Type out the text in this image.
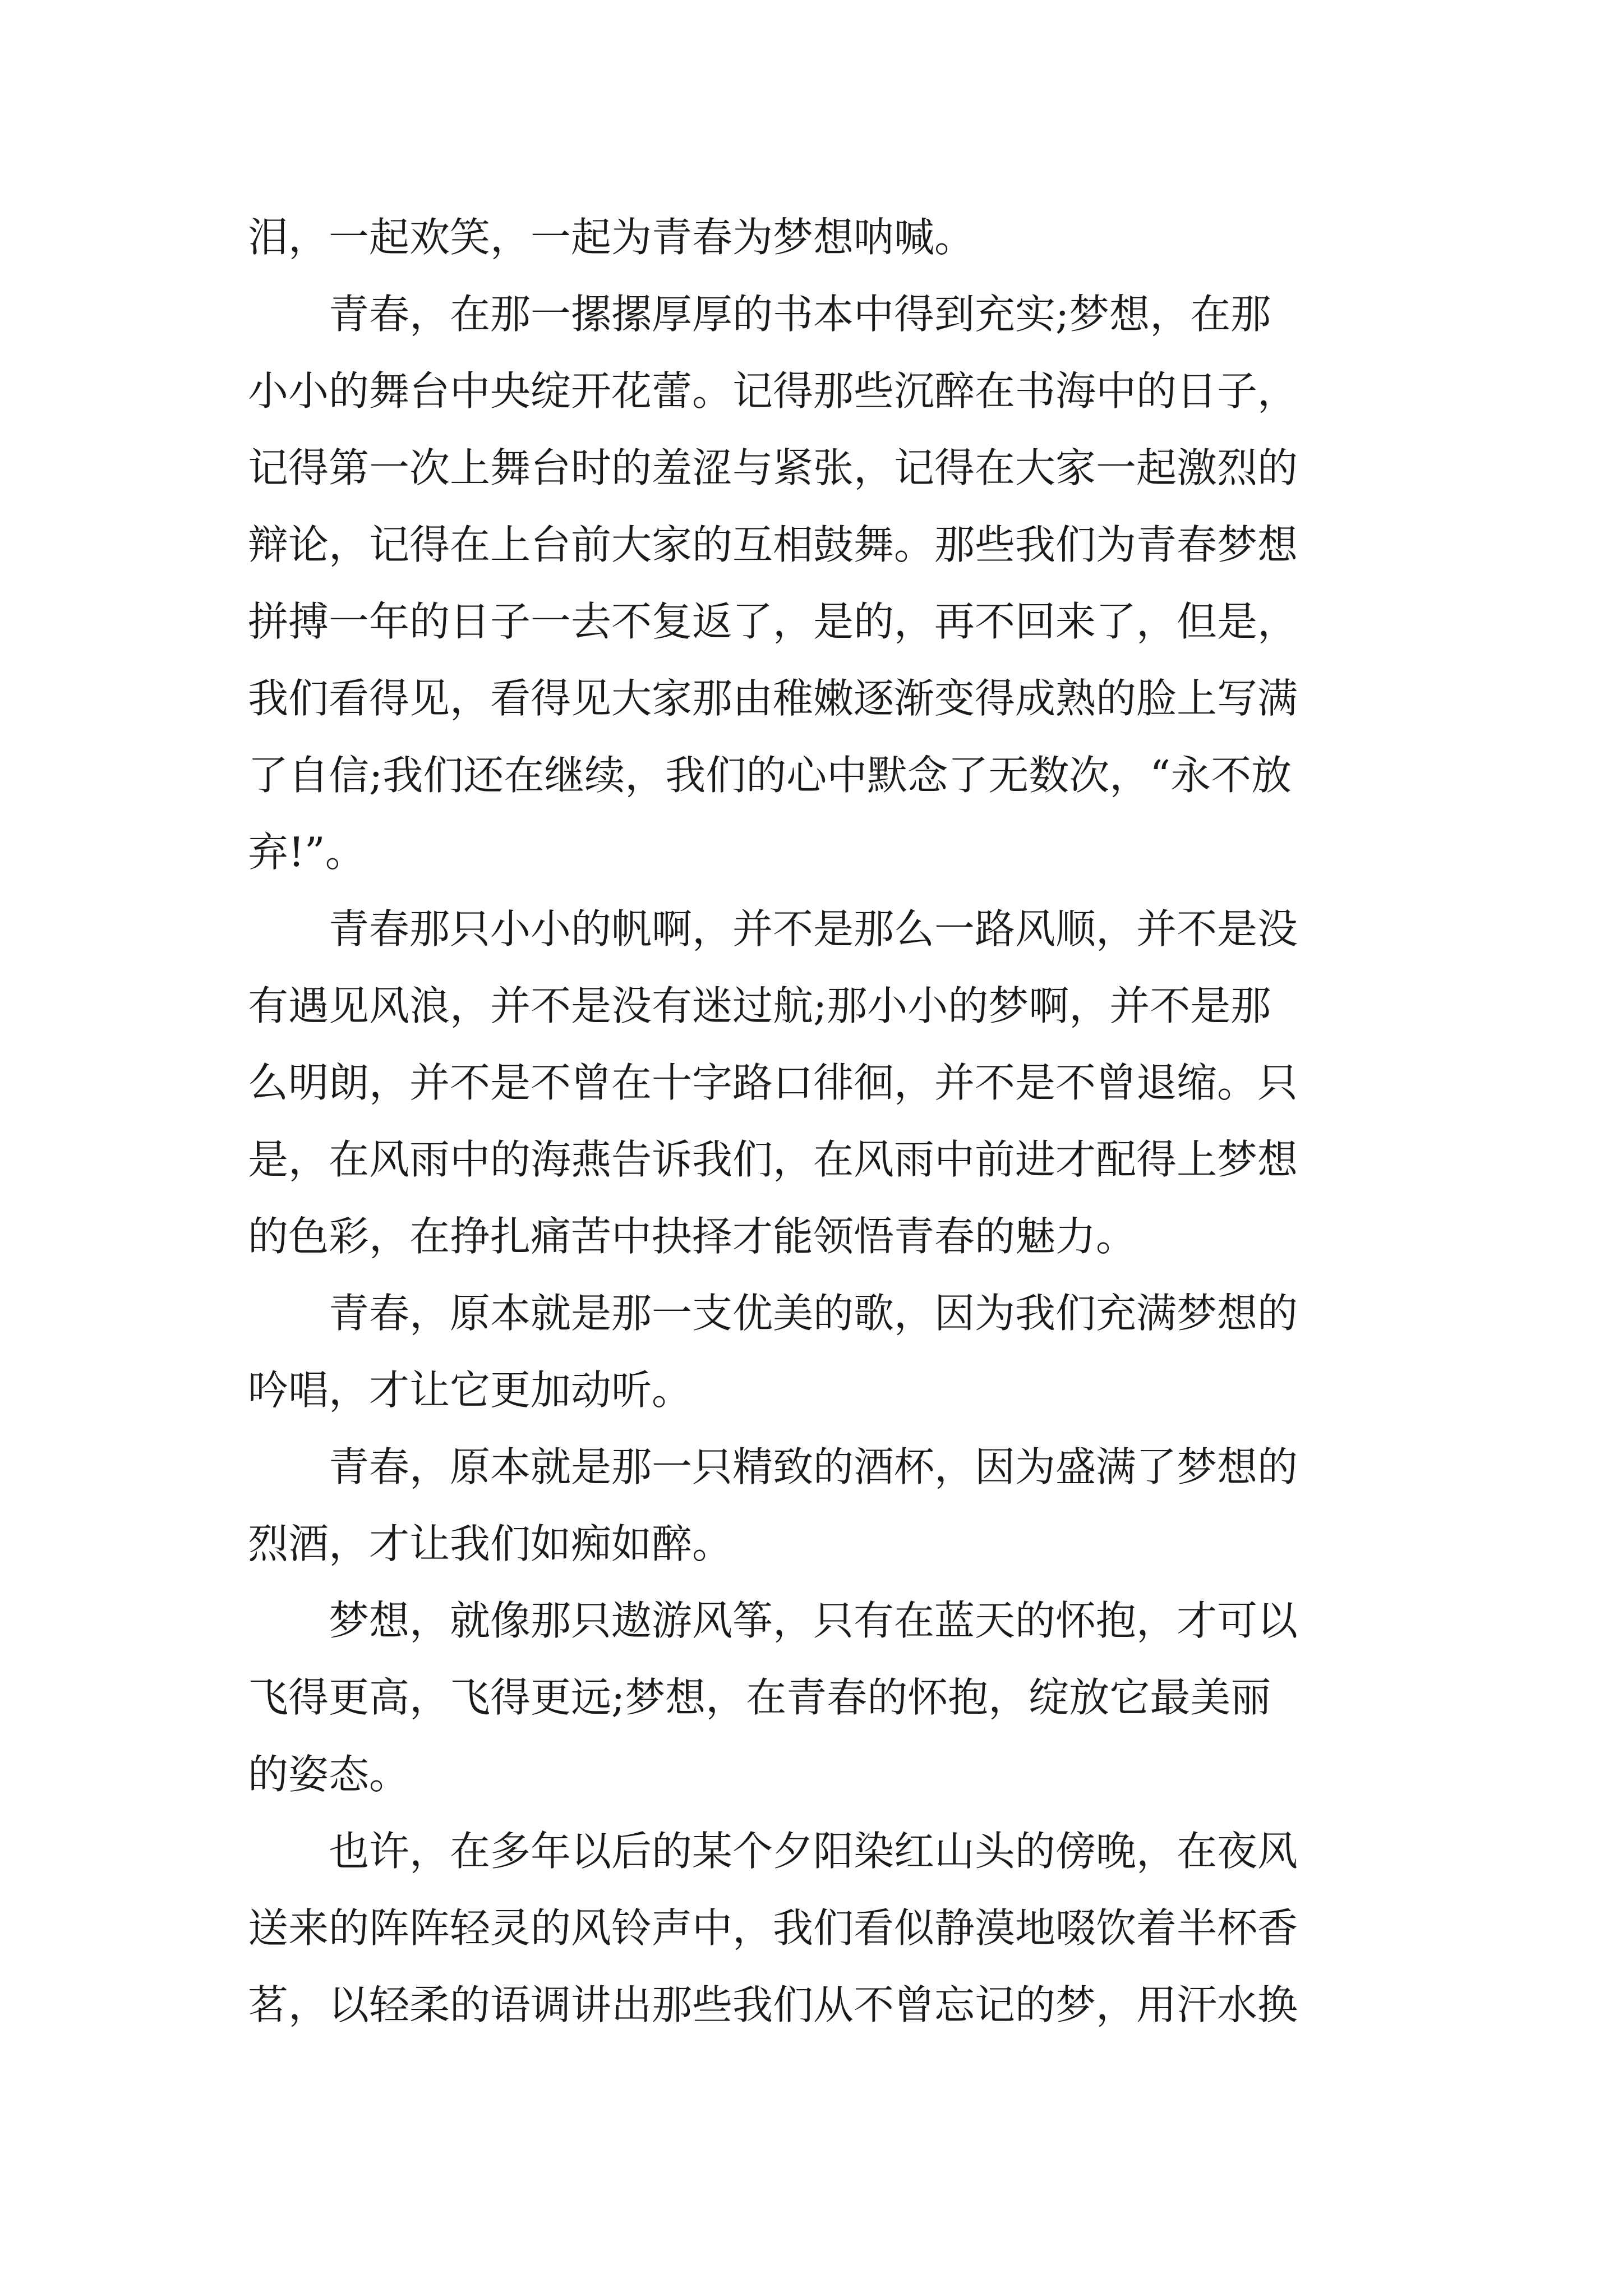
泪，一起欢笑，一起为青春为梦想呐喊。
青春，在那一摞摞厚厚的书本中得到充实;梦想，在那
小小的舞台中央绽开花蕾。记得那些沉醉在书海中的日子，
记得第一次上舞台时的羞涩与紧张，记得在大家一起激烈的
辩论，记得在上台前大家的互相鼓舞。那些我们为青春梦想
拼搏一年的日子一去不复返了，是的，再不回来了，但是，
我们看得见，看得见大家那由稚嫩逐渐变得成熟的脸上写满
了自信;我们还在继续，我们的心中默念了无数次，“永不放
弃!”。
青春那只小小的帆啊，并不是那么一路风顺，并不是没
有遇见风浪，并不是没有迷过航;那小小的梦啊，并不是那
么明朗，并不是不曾在十字路口徘徊，并不是不曾退缩。只
是，在风雨中的海燕告诉我们，在风雨中前进才配得上梦想
的色彩，在挣扎痛苦中抉择才能领悟青春的魅力。
青春，原本就是那一支优美的歌，因为我们充满梦想的
吟唱，才让它更加动听。
青春，原本就是那一只精致的酒杯，因为盛满了梦想的
烈酒，才让我们如痴如醉。
梦想，就像那只遨游风筝，只有在蓝天的怀抱，才可以
飞得更高，飞得更远;梦想，在青春的怀抱，绽放它最美丽
的姿态。
也许，在多年以后的某个夕阳染红山头的傍晚，在夜风
送来的阵阵轻灵的风铃声中，我们看似静漠地啜饮着半杯香
茗，以轻柔的语调讲出那些我们从不曾忘记的梦，用汗水换
